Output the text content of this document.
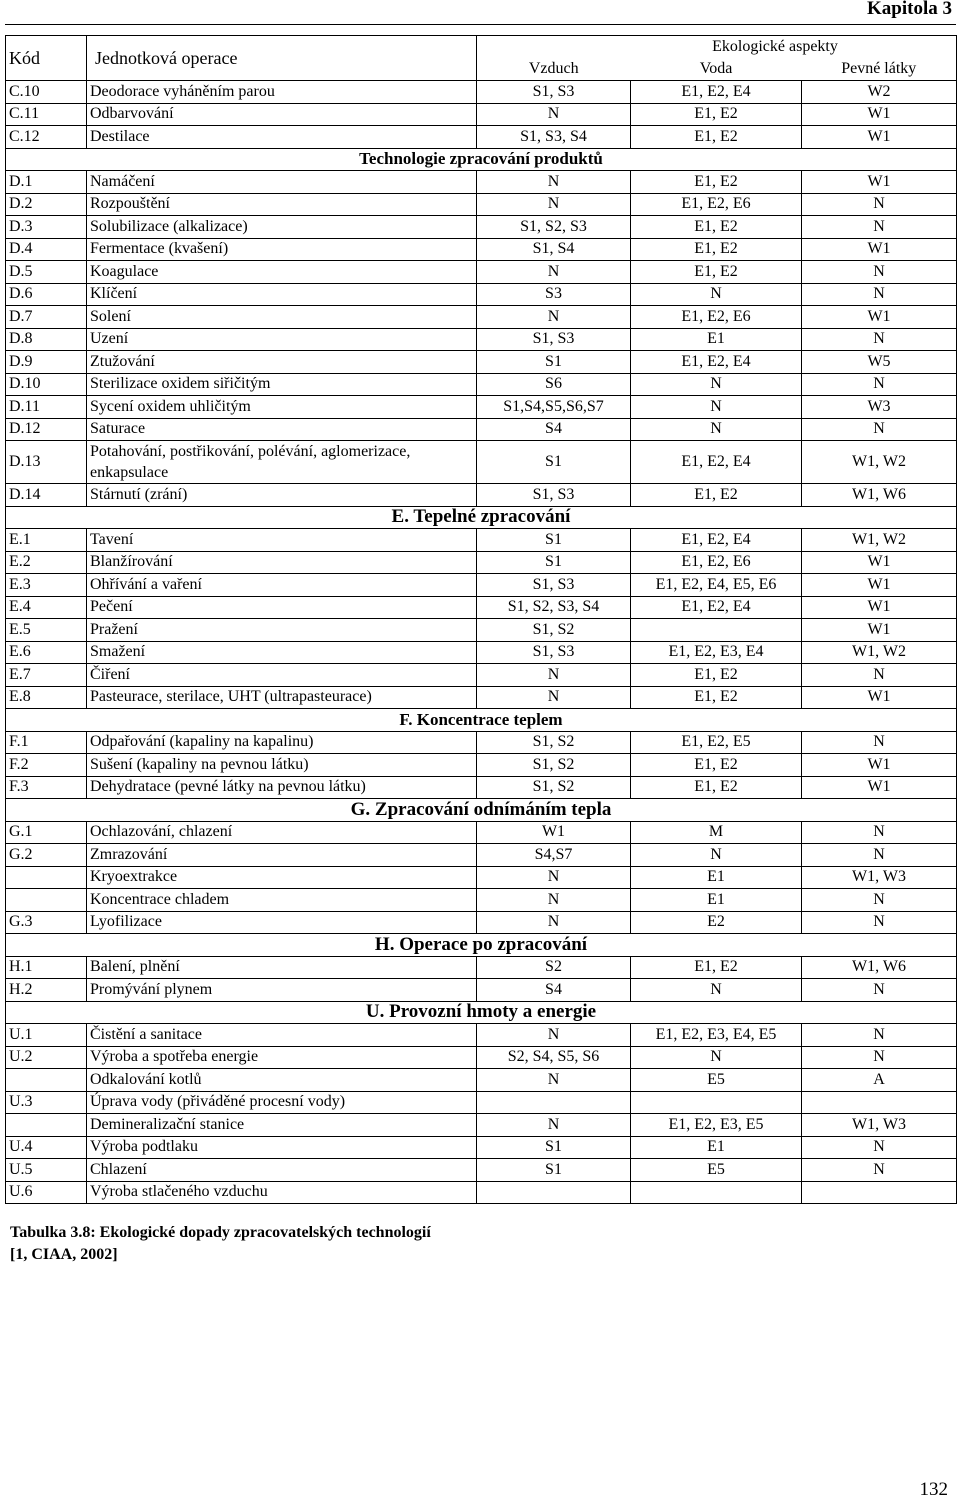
Kapitola 3
Kód	Jednotková operace	Ekologické aspekty		
		Vzduch	Voda	Pevné látky
C.10	Deodorace vyháněním parou	S1, S3	E1, E2, E4	W2
C.11	Odbarvování	N	E1, E2	W1
C.12	Destilace	S1, S3, S4	E1, E2	W1
Technologie zpracování produktů				
D.1	Namáčení	N	E1, E2	W1
D.2	Rozpouštění	N	E1, E2, E6	N
D.3	Solubilizace (alkalizace)	S1, S2, S3	E1, E2	N
D.4	Fermentace (kvašení)	S1, S4	E1, E2	W1
D.5	Koagulace	N	E1, E2	N
D.6	Klíčení	S3	N	N
D.7	Solení	N	E1, E2, E6	W1
D.8	Uzení	S1, S3	E1	N
D.9	Ztužování	S1	E1, E2, E4	W5
D.10	Sterilizace oxidem siřičitým	S6	N	N
D.11	Sycení oxidem uhličitým	S1,S4,S5,S6,S7	N	W3
D.12	Saturace	S4	N	N
D.13	Potahování, postřikování, polévání, aglomerizace, enkapsulace	S1	E1, E2, E4	W1, W2
D.14	Stárnutí (zrání)	S1, S3	E1, E2	W1, W6
E. Tepelné zpracování				
E.1	Tavení	S1	E1, E2, E4	W1, W2
E.2	Blanžírování	S1	E1, E2, E6	W1
E.3	Ohřívání a vaření	S1, S3	E1, E2, E4, E5, E6	W1
E.4	Pečení	S1, S2, S3, S4	E1, E2, E4	W1
E.5	Pražení	S1, S2		W1
E.6	Smažení	S1, S3	E1, E2, E3, E4	W1, W2
E.7	Čiření	N	E1, E2	N
E.8	Pasteurace, sterilace, UHT (ultrapasteurace)	N	E1, E2	W1
F. Koncentrace teplem				
F.1	Odpařování (kapaliny na kapalinu)	S1, S2	E1, E2, E5	N
F.2	Sušení (kapaliny na pevnou látku)	S1, S2	E1, E2	W1
F.3	Dehydratace (pevné látky na pevnou látku)	S1, S2	E1, E2	W1
G. Zpracování odnímáním tepla				
G.1	Ochlazování, chlazení	W1	M	N
G.2	Zmrazování	S4,S7	N	N
	Kryoextrakce	N	E1	W1, W3
	Koncentrace chladem	N	E1	N
G.3	Lyofilizace	N	E2	N
H. Operace po zpracování				
H.1	Balení, plnění	S2	E1, E2	W1, W6
H.2	Promývání plynem	S4	N	N
U. Provozní hmoty a energie				
U.1	Čistění a sanitace	N	E1, E2, E3, E4, E5	N
U.2	Výroba a spotřeba energie	S2, S4, S5, S6	N	N
	Odkalování kotlů	N	E5	A
U.3	Úprava vody (přiváděné procesní vody)			
	Demineralizační stanice	N	E1, E2, E3, E5	W1, W3
U.4	Výroba podtlaku	S1	E1	N
U.5	Chlazení	S1	E5	N
U.6	Výroba stlačeného vzduchu			
Tabulka 3.8: Ekologické dopady zpracovatelských technologií
[1, CIAA, 2002]
132
